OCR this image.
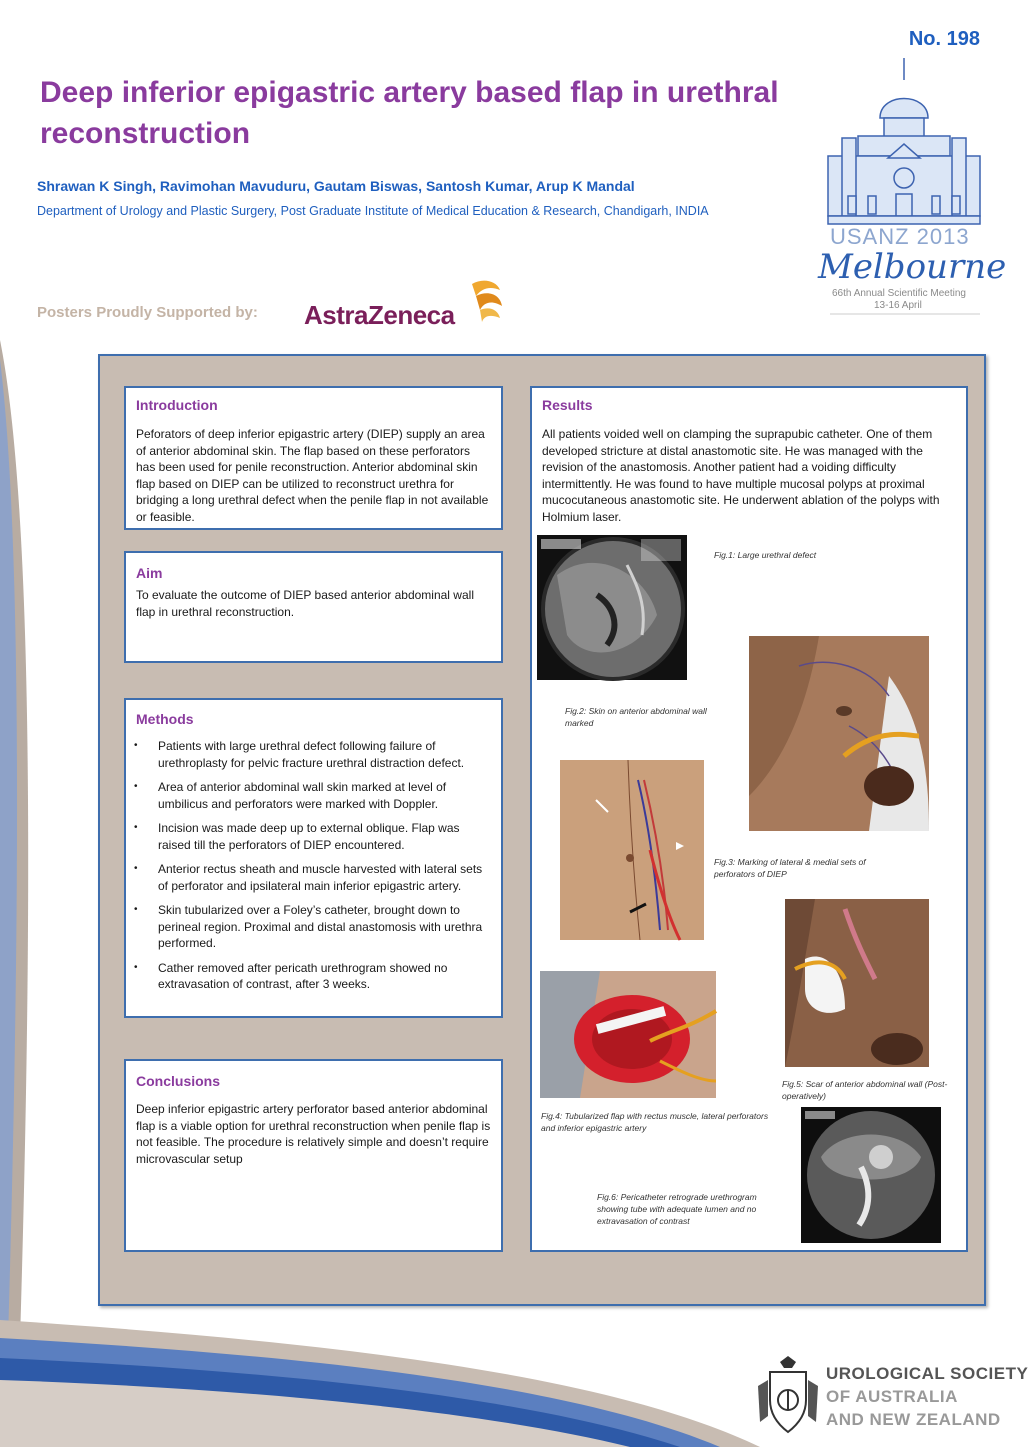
No. 198
Deep inferior epigastric artery based flap in urethral reconstruction
Shrawan K Singh, Ravimohan Mavuduru, Gautam Biswas, Santosh Kumar, Arup K Mandal
Department of Urology and Plastic Surgery, Post Graduate Institute of Medical Education & Research, Chandigarh, INDIA
Posters Proudly Supported by: AstraZeneca
USANZ 2013
Melbourne
66th Annual Scientific Meeting
13-16 April
Introduction

Peforators of deep inferior epigastric artery (DIEP) supply an area of anterior abdominal skin. The flap based on these perforators has been used for penile reconstruction. Anterior abdominal skin flap based on DIEP can be utilized to reconstruct urethra for bridging a long urethral defect when the penile flap in not available or feasible.

Aim

To evaluate the outcome of DIEP based anterior abdominal wall flap in urethral reconstruction.

Methods
• Patients with large urethral defect following failure of urethroplasty for pelvic fracture urethral distraction defect.
• Area of anterior abdominal wall skin marked at level of umbilicus and perforators were marked with Doppler.
• Incision was made deep up to external oblique. Flap was raised till the perforators of DIEP encountered.
• Anterior rectus sheath and muscle harvested with lateral sets of perforator and ipsilateral main inferior epigastric artery.
• Skin tubularized over a Foley’s catheter, brought down to perineal region. Proximal and distal anastomosis with urethra performed.
• Cather removed after pericath urethrogram showed no extravasation of contrast, after 3 weeks.
Conclusions

Deep inferior epigastric artery perforator based anterior abdominal flap is a viable option for urethral reconstruction when penile flap is not feasible. The procedure is relatively simple and doesn’t require microvascular setup

Results

All patients voided well on clamping the suprapubic catheter. One of them developed stricture at distal anastomotic site. He was managed with the revision of the anastomosis. Another patient had a voiding difficulty intermittently. He was found to have multiple mucosal polyps at proximal mucocutaneous anastomotic site. He underwent ablation of the polyps with Holmium laser.

Fig.1: Large urethral defect
Fig.2: Skin on anterior abdominal wall marked
Fig.3: Marking of lateral & medial sets of perforators of DIEP
Fig.5: Scar of anterior abdominal wall (Post-operatively)
Fig.4: Tubularized flap with rectus muscle, lateral perforators and inferior epigastric artery
Fig.6: Pericatheter retrograde urethrogram showing tube with adequate lumen and no extravasation of contrast
UROLOGICAL SOCIETY
OF AUSTRALIA
AND NEW ZEALAND
